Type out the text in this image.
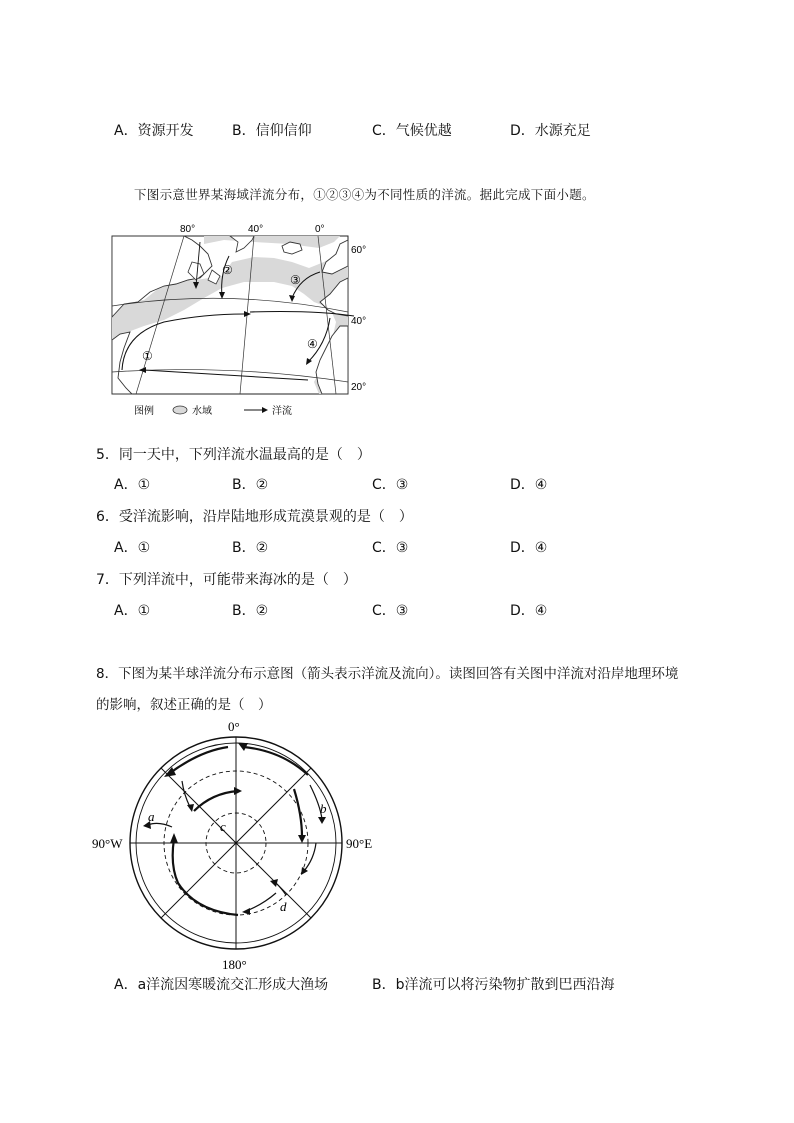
A．资源开发	B．信仰信仰	C．气候优越	D．水源充足
下图示意世界某海域洋流分布，①②③④为不同性质的洋流。据此完成下面小题。
80°	40°	0°
60°
40°
20°
①
②
③
④
图例	水域	洋流
5．同一天中，下列洋流水温最高的是（　）
A．①	B．②	C．③	D．④
6．受洋流影响，沿岸陆地形成荒漠景观的是（　）
A．①	B．②	C．③	D．④
7．下列洋流中，可能带来海冰的是（　）
A．①	B．②	C．③	D．④
8．下图为某半球洋流分布示意图（箭头表示洋流及流向）。读图回答有关图中洋流对沿岸地理环境
的影响，叙述正确的是（　）
0°
180°
90°W	90°E
a
b
c
d
A．a洋流因寒暖流交汇形成大渔场	B．b洋流可以将污染物扩散到巴西沿海
